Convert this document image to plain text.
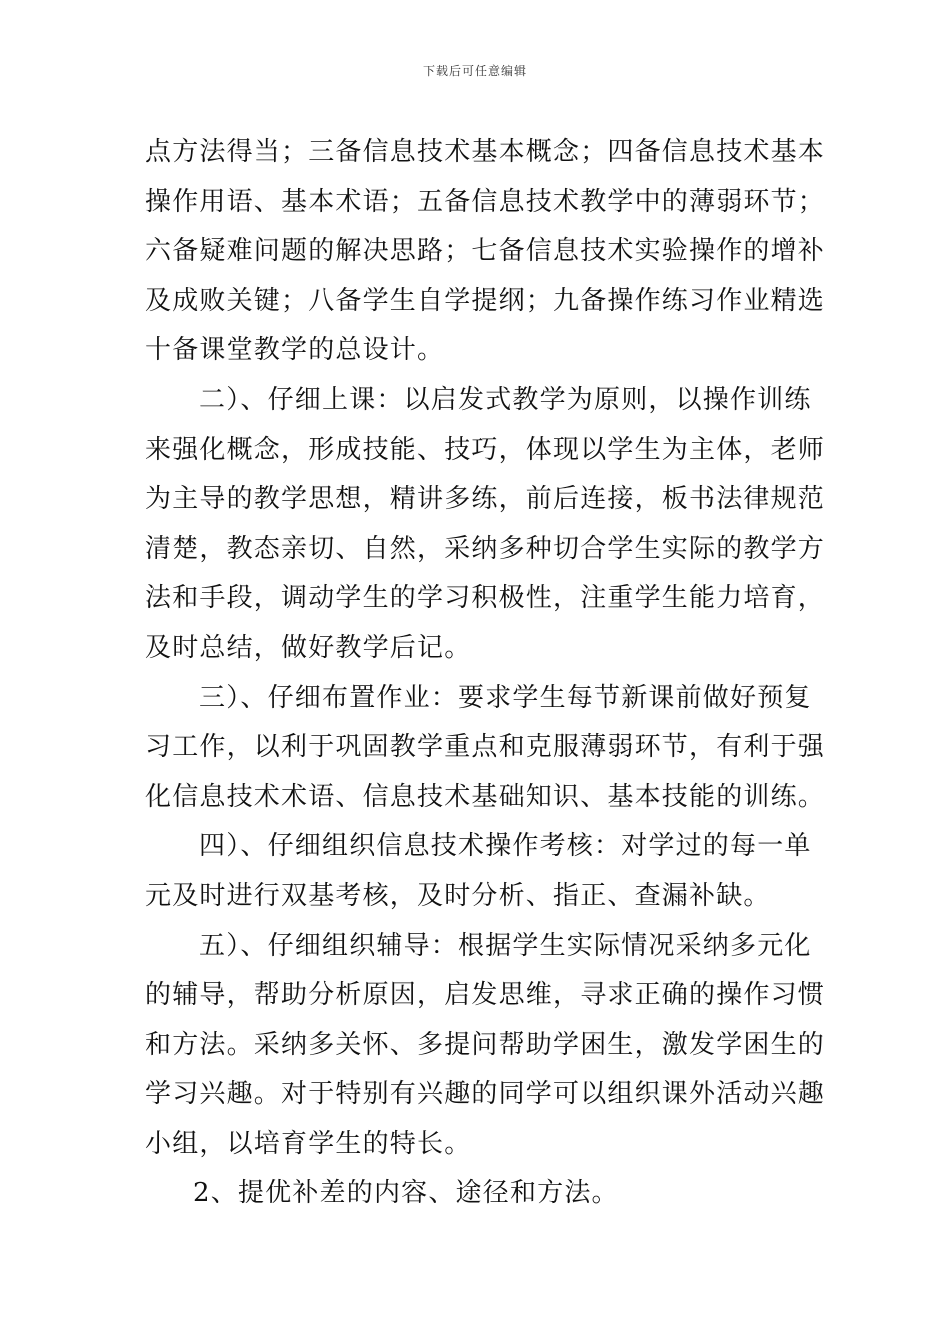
下载后可任意编辑
点方法得当；三备信息技术基本概念；四备信息技术基本
操作用语、基本术语；五备信息技术教学中的薄弱环节；
六备疑难问题的解决思路；七备信息技术实验操作的增补
及成败关键；八备学生自学提纲；九备操作练习作业精选
十备课堂教学的总设计。
二）、仔细上课：以启发式教学为原则，以操作训练
来强化概念，形成技能、技巧，体现以学生为主体，老师
为主导的教学思想，精讲多练，前后连接，板书法律规范
清楚，教态亲切、自然，采纳多种切合学生实际的教学方
法和手段，调动学生的学习积极性，注重学生能力培育，
及时总结，做好教学后记。
三）、仔细布置作业：要求学生每节新课前做好预复
习工作，以利于巩固教学重点和克服薄弱环节，有利于强
化信息技术术语、信息技术基础知识、基本技能的训练。
四）、仔细组织信息技术操作考核：对学过的每一单
元及时进行双基考核，及时分析、指正、查漏补缺。
五）、仔细组织辅导：根据学生实际情况采纳多元化
的辅导，帮助分析原因，启发思维，寻求正确的操作习惯
和方法。采纳多关怀、多提问帮助学困生，激发学困生的
学习兴趣。对于特别有兴趣的同学可以组织课外活动兴趣
小组，以培育学生的特长。
2、提优补差的内容、途径和方法。
